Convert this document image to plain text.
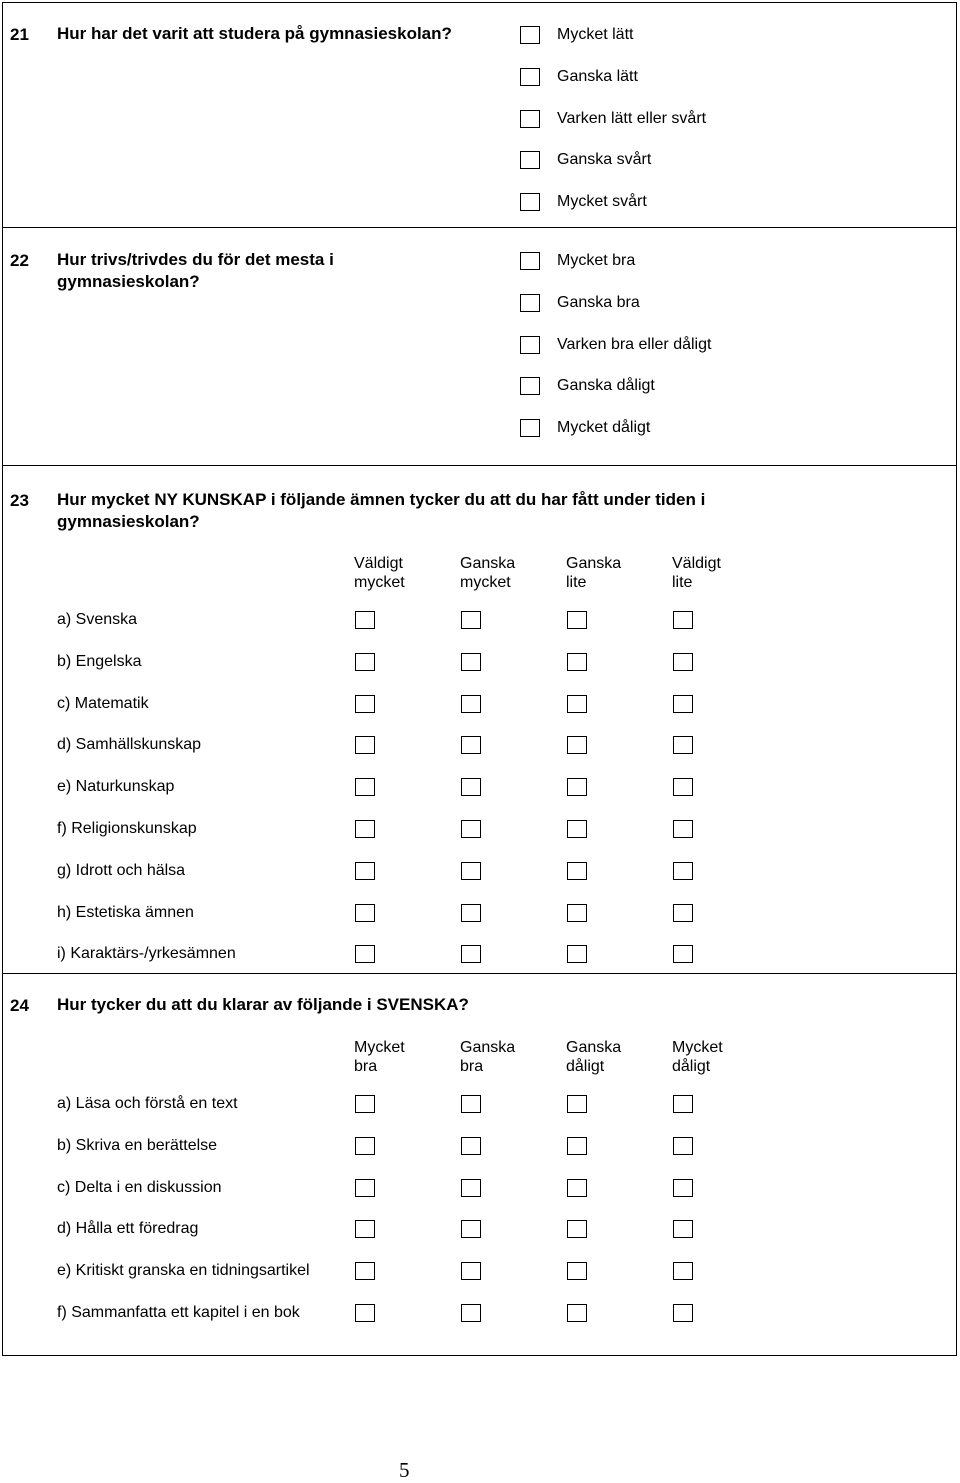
21 Hur har det varit att studera på gymnasieskolan?	Mycket lätt
Ganska lätt
Varken lätt eller svårt
Ganska svårt
Mycket svårt
22 Hur trivs/trivdes du för det mesta i
gymnasieskolan?
Mycket bra
Ganska bra
Varken bra eller dåligt
Ganska dåligt
Mycket dåligt
23 Hur mycket NY KUNSKAP i följande ämnen tycker du att du har fått under tiden i
gymnasieskolan?
Väldigt
mycket
Ganska
mycket
Ganska
lite
Väldigt
lite
a) Svenska
b) Engelska
c) Matematik
d) Samhällskunskap
e) Naturkunskap
f) Religionskunskap
g) Idrott och hälsa
h) Estetiska ämnen
i) Karaktärs-/yrkesämnen
24 Hur tycker du att du klarar av följande i SVENSKA?
Mycket
bra
Ganska
bra
Ganska
dåligt
Mycket
dåligt
a) Läsa och förstå en text
b) Skriva en berättelse
c) Delta i en diskussion
d) Hålla ett föredrag
e) Kritiskt granska en tidningsartikel
f) Sammanfatta ett kapitel i en bok
5
